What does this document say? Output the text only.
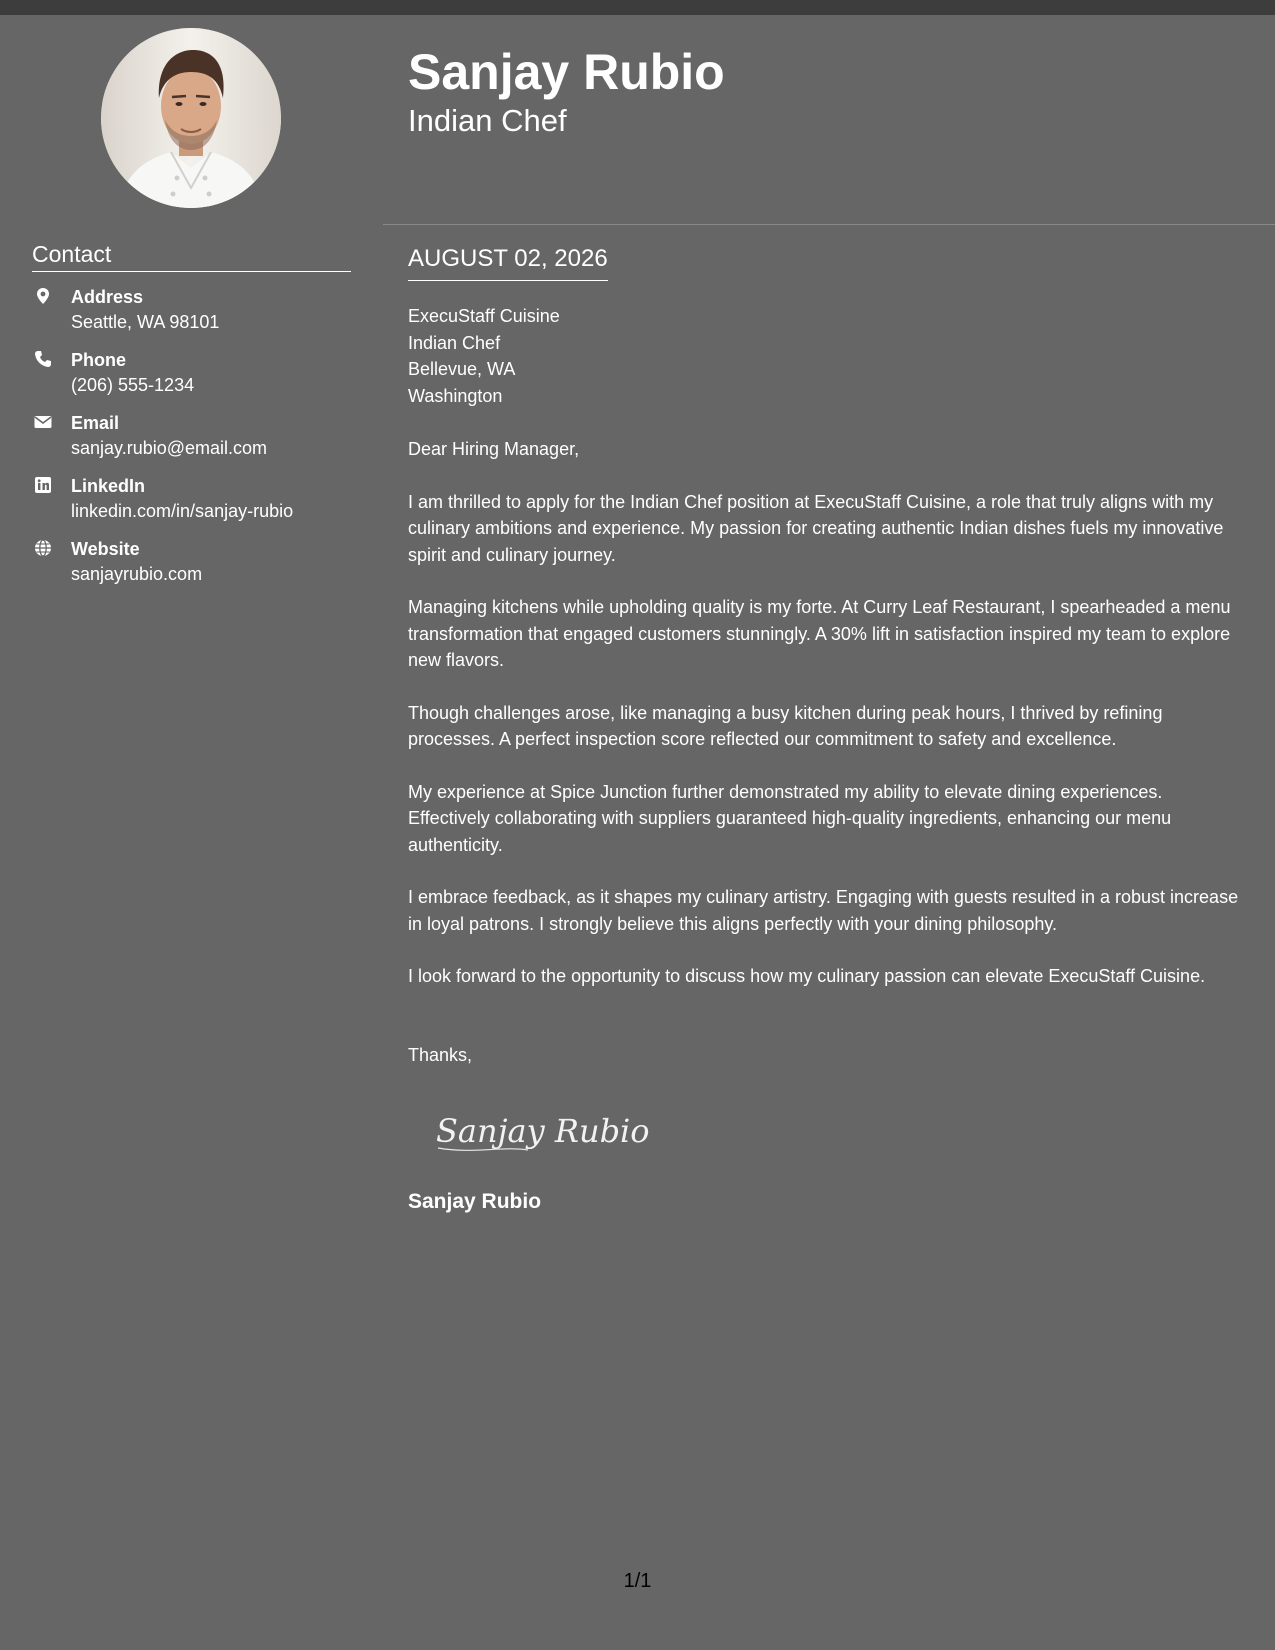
Contact
Address
Seattle, WA 98101
Phone
(206) 555-1234
Email
sanjay.rubio@email.com
LinkedIn
linkedin.com/in/sanjay-rubio
Website
sanjayrubio.com
Sanjay Rubio
Indian Chef
AUGUST 02, 2026
ExecuStaff Cuisine
Indian Chef
Bellevue, WA
Washington
Dear Hiring Manager,

I am thrilled to apply for the Indian Chef position at ExecuStaff Cuisine, a role that truly aligns with my culinary ambitions and experience. My passion for creating authentic Indian dishes fuels my innovative spirit and culinary journey.

Managing kitchens while upholding quality is my forte. At Curry Leaf Restaurant, I spearheaded a menu transformation that engaged customers stunningly. A 30% lift in satisfaction inspired my team to explore new flavors.

Though challenges arose, like managing a busy kitchen during peak hours, I thrived by refining processes. A perfect inspection score reflected our commitment to safety and excellence.

My experience at Spice Junction further demonstrated my ability to elevate dining experiences. Effectively collaborating with suppliers guaranteed high-quality ingredients, enhancing our menu authenticity.

I embrace feedback, as it shapes my culinary artistry. Engaging with guests resulted in a robust increase in loyal patrons. I strongly believe this aligns perfectly with your dining philosophy.

I look forward to the opportunity to discuss how my culinary passion can elevate ExecuStaff Cuisine.

Thanks,
Sanjay Rubio
Sanjay Rubio
1/1
